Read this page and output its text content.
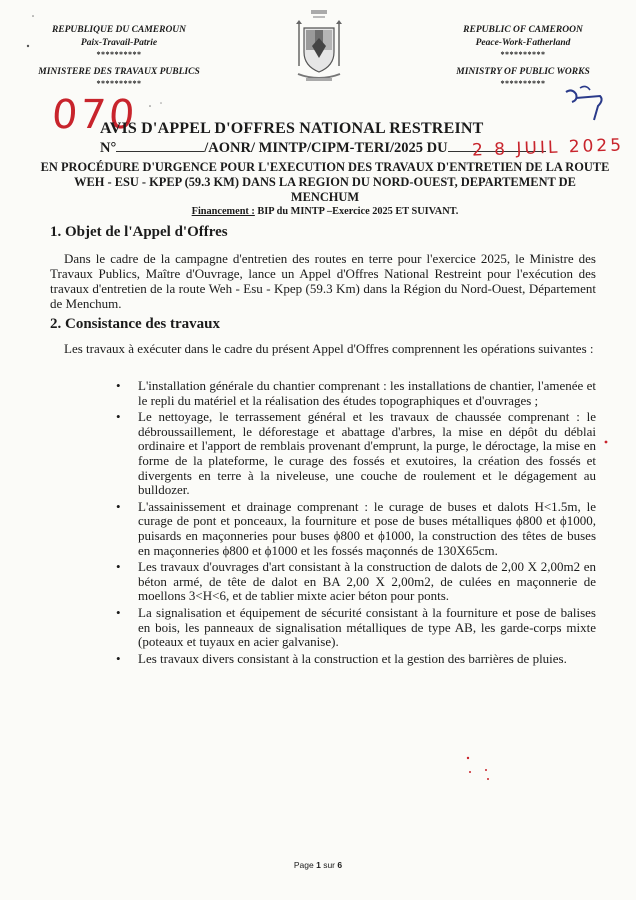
REPUBLIQUE DU CAMEROUN
Paix-Travail-Patrie
**********
MINISTERE DES TRAVAUX PUBLICS
**********
REPUBLIC OF CAMEROON
Peace-Work-Fatherland
**********
MINISTRY OF PUBLIC WORKS
**********
070
AVIS D'APPEL D'OFFRES NATIONAL RESTREINT
N°	/AONR/ MINTP/CIPM-TERI/2025 DU	2 8 JUIL 2025
EN PROCÉDURE D'URGENCE POUR L'EXECUTION DES TRAVAUX D'ENTRETIEN DE LA ROUTE WEH - ESU - KPEP (59.3 KM) DANS LA REGION DU NORD-OUEST, DEPARTEMENT DE MENCHUM
Financement : BIP du MINTP –Exercice 2025 ET SUIVANT.
1. Objet de l'Appel d'Offres
Dans le cadre de la campagne d'entretien des routes en terre pour l'exercice 2025, le Ministre des Travaux Publics, Maître d'Ouvrage, lance un Appel d'Offres National Restreint pour l'exécution des travaux d'entretien de la route Weh - Esu - Kpep (59.3 Km) dans la Région du Nord-Ouest, Département de Menchum.
2. Consistance des travaux
Les travaux à exécuter dans le cadre du présent Appel d'Offres comprennent les opérations suivantes :
• L'installation générale du chantier comprenant : les installations de chantier, l'amenée et le repli du matériel et la réalisation des études topographiques et d'ouvrages ;
• Le nettoyage, le terrassement général et les travaux de chaussée comprenant : le débroussaillement, le déforestage et abattage d'arbres, la mise en dépôt du déblai ordinaire et l'apport de remblais provenant d'emprunt, la purge, le déroctage, la mise en forme de la plateforme, le curage des fossés et exutoires, la création des fossés et divergents en terre à la niveleuse, une couche de roulement et le dégagement au bulldozer.
• L'assainissement et drainage comprenant : le curage de buses et dalots H<1.5m, le curage de pont et ponceaux, la fourniture et pose de buses métalliques ϕ800 et ϕ1000, puisards en maçonneries pour buses ϕ800 et ϕ1000, la construction des têtes de buses en maçonneries ϕ800 et ϕ1000 et les fossés maçonnés de 130X65cm.
• Les travaux d'ouvrages d'art consistant à la construction de dalots de 2,00 X 2,00m2 en béton armé, de tête de dalot en BA 2,00 X 2,00m2, de culées en maçonnerie de moellons 3<H<6, et de tablier mixte acier béton pour ponts.
• La signalisation et équipement de sécurité consistant à la fourniture et pose de balises en bois, les panneaux de signalisation métalliques de type AB, les garde-corps mixte (poteaux et tuyaux en acier galvanise).
• Les travaux divers consistant à la construction et la gestion des barrières de pluies.
Page 1 sur 6
